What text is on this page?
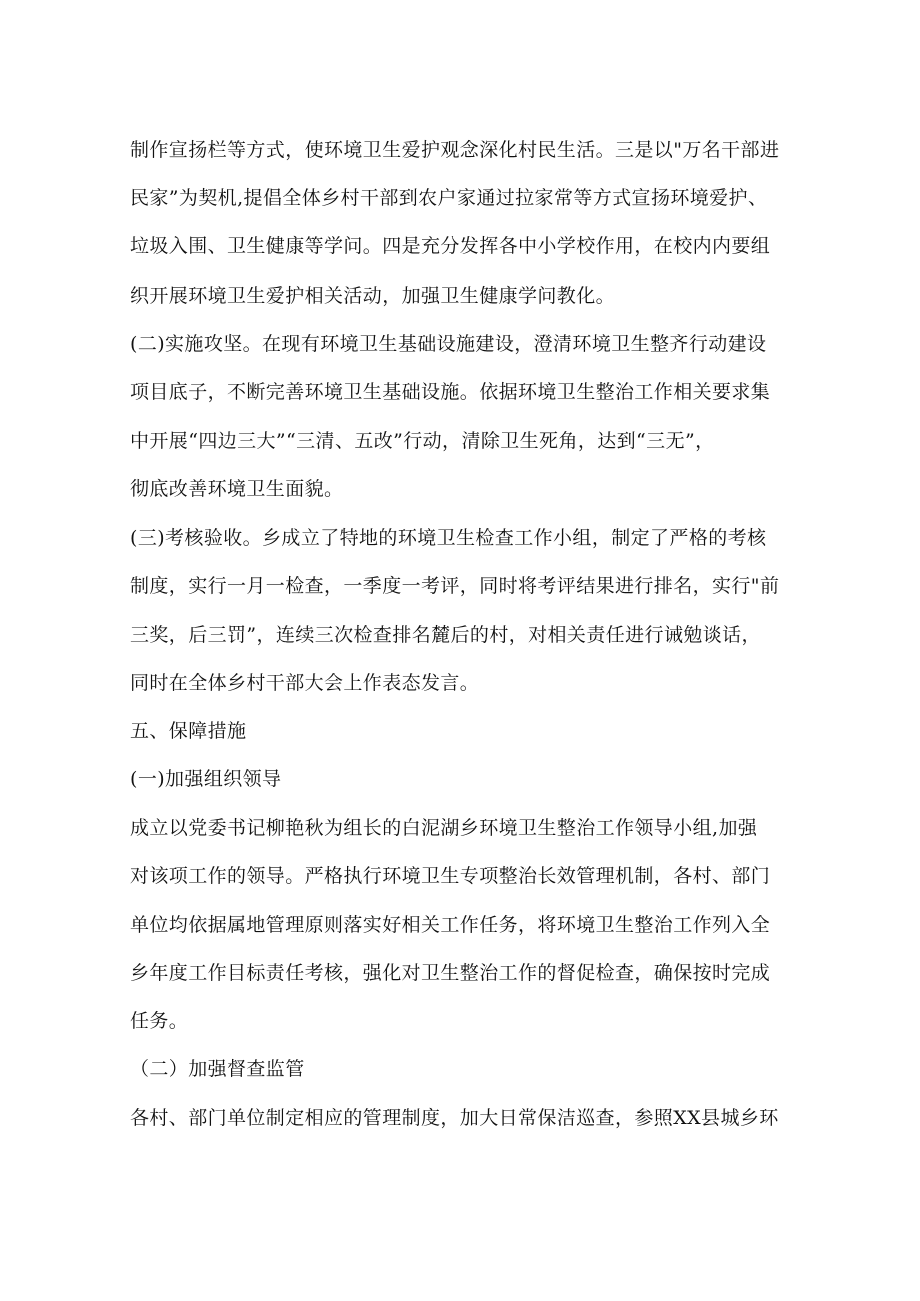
制作宣扬栏等方式，使环境卫生爱护观念深化村民生活。三是以"万名干部进
民家”为契机,提倡全体乡村干部到农户家通过拉家常等方式宣扬环境爱护、
垃圾入围、卫生健康等学问。四是充分发挥各中小学校作用，在校内内要组
织开展环境卫生爱护相关活动，加强卫生健康学问教化。
(二)实施攻坚。在现有环境卫生基础设施建设，澄清环境卫生整齐行动建设
项目底子，不断完善环境卫生基础设施。依据环境卫生整治工作相关要求集
中开展“四边三大”“三清、五改”行动，清除卫生死角，达到“三无”，
彻底改善环境卫生面貌。
(三)考核验收。乡成立了特地的环境卫生检查工作小组，制定了严格的考核
制度，实行一月一检查，一季度一考评，同时将考评结果进行排名，实行"前
三奖，后三罚”，连续三次检查排名麓后的村，对相关责任进行诫勉谈话，
同时在全体乡村干部大会上作表态发言。
五、保障措施
(一)加强组织领导
成立以党委书记柳艳秋为组长的白泥湖乡环境卫生整治工作领导小组,加强
对该项工作的领导。严格执行环境卫生专项整治长效管理机制，各村、部门
单位均依据属地管理原则落实好相关工作任务，将环境卫生整治工作列入全
乡年度工作目标责任考核，强化对卫生整治工作的督促检查，确保按时完成
任务。
（二）加强督查监管
各村、部门单位制定相应的管理制度，加大日常保洁巡查，参照XX县城乡环
